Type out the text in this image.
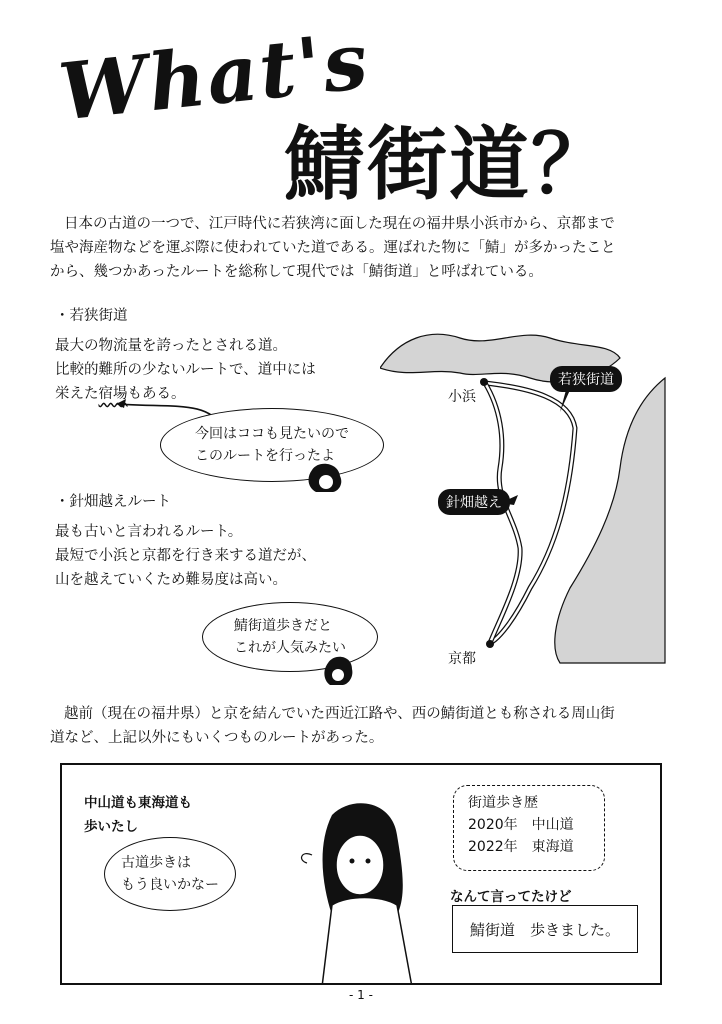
What's
鯖街道？
日本の古道の一つで、江戸時代に若狭湾に面した現在の福井県小浜市から、京都まで
塩や海産物などを運ぶ際に使われていた道である。運ばれた物に「鯖」が多かったこと
から、幾つかあったルートを総称して現代では「鯖街道」と呼ばれている。
・若狭街道
最大の物流量を誇ったとされる道。
比較的難所の少ないルートで、道中には
栄えた宿場もある。
今回はココも見たいので
このルートを行ったよ
・針畑越えルート
最も古いと言われるルート。
最短で小浜と京都を行き来する道だが、
山を越えていくため難易度は高い。
鯖街道歩きだと
これが人気みたい
小浜
京都
若狭街道
針畑越え
越前（現在の福井県）と京を結んでいた西近江路や、西の鯖街道とも称される周山街
道など、上記以外にもいくつものルートがあった。
中山道も東海道も
歩いたし
古道歩きは
もう良いかなー
街道歩き歴
2020年　 中山道
2022年　 東海道
なんて言ってたけど
鯖街道　歩きました。
- 1 -
